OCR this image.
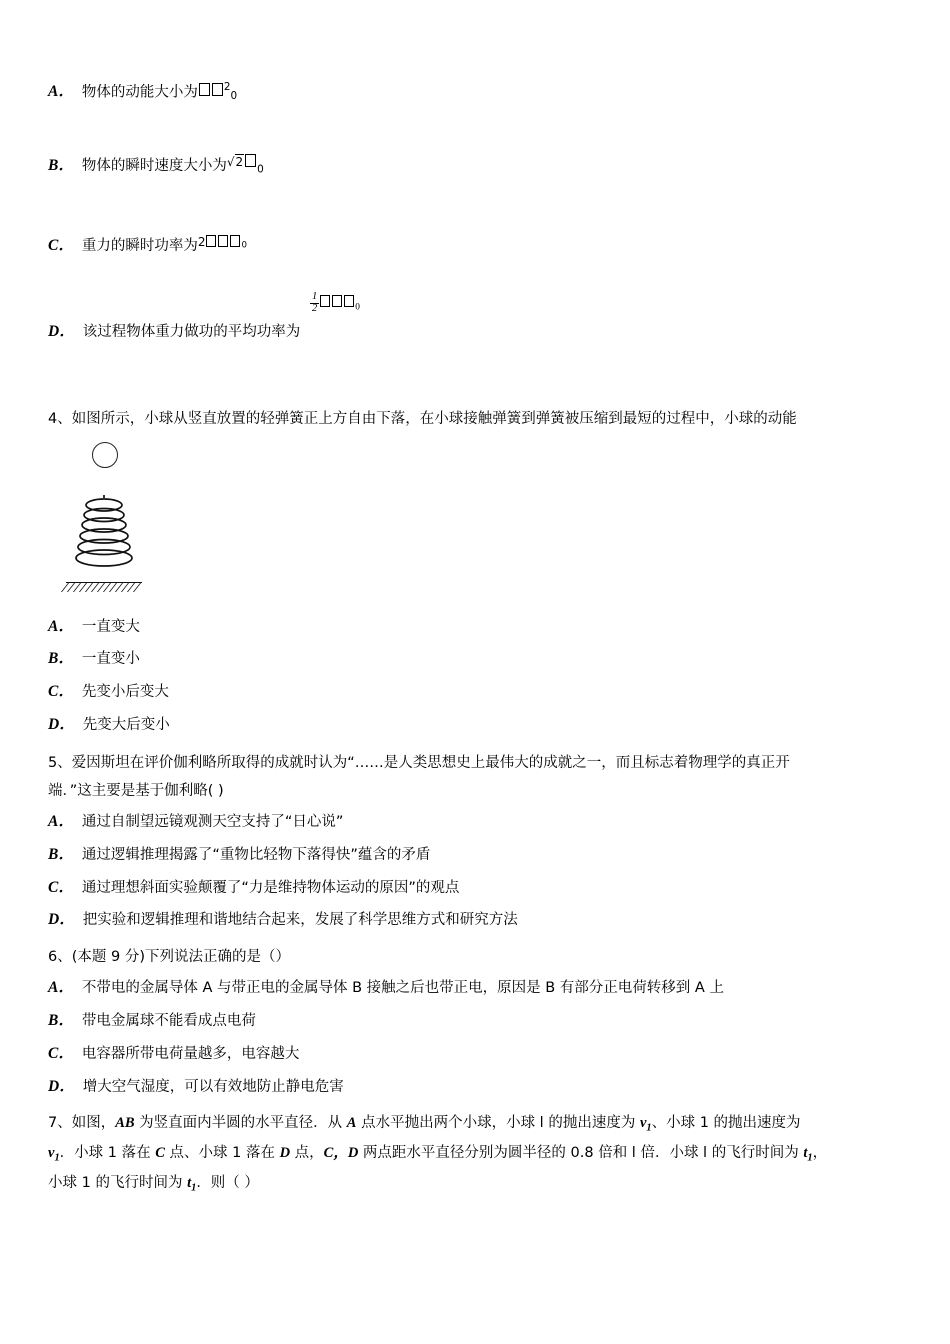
A． 物体的动能大小为 $^2_0$
B． 物体的瞬时速度大小为√20
C． 重力的瞬时功率为2	0
D． 该过程物体重力做功的平均功率为
$\frac{1}{2}$	$_0$
4、如图所示，小球从竖直放置的轻弹簧正上方自由下落，在小球接触弹簧到弹簧被压缩到最短的过程中，小球的动能
A． 一直变大
B． 一直变小
C． 先变小后变大
D． 先变大后变小
5、爱因斯坦在评价伽利略所取得的成就时认为“……是人类思想史上最伟大的成就之一，而且标志着物理学的真正开
端．”这主要是基于伽利略( )
A． 通过自制望远镜观测天空支持了“日心说”
B． 通过逻辑推理揭露了“重物比轻物下落得快”蕴含的矛盾
C． 通过理想斜面实验颠覆了“力是维持物体运动的原因”的观点
D． 把实验和逻辑推理和谐地结合起来，发展了科学思维方式和研究方法
6、(本题 9 分)下列说法正确的是（）
A． 不带电的金属导体 A 与带正电的金属导体 B 接触之后也带正电，原因是 B 有部分正电荷转移到 A 上
B． 带电金属球不能看成点电荷
C． 电容器所带电荷量越多，电容越大
D． 增大空气湿度，可以有效地防止静电危害
7、如图，AB 为竖直面内半圆的水平直径．从 A 点水平抛出两个小球，小球 l 的抛出速度为 $v_1$、小球 1 的抛出速度为
$v_1$．小球 1 落在 C 点、小球 1 落在 D 点，C，D 两点距水平直径分别为圆半径的 0.8 倍和 l 倍．小球 l 的飞行时间为 $t_1$，
小球 1 的飞行时间为 $t_1$．则（ ）
